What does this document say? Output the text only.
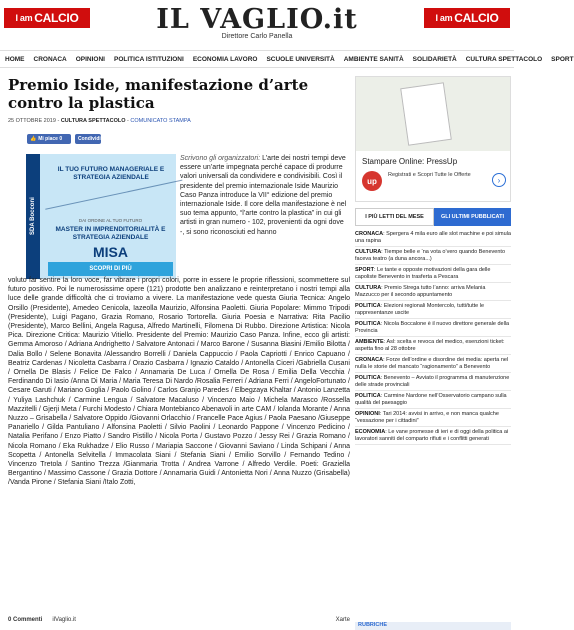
I am CALCIO	IL VAGLIO.it
Direttore Carlo Panella
I am CALCIO
HOME CRONACA OPINIONI POLITICA ISTITUZIONI ECONOMIA LAVORO SCUOLE UNIVERSITÀ AMBIENTE SANITÀ SOLIDARIETÀ CULTURA SPETTACOLO SPORT
Premio Iside, manifestazione d’arte contro la plastica
25 OTTOBRE 2019 - CULTURA SPETTACOLO - COMUNICATO STAMPA
👍 Mi piace 0	Condividi
SDA Bocconi
IL TUO FUTURO MANAGERIALE E STRATEGIA AZIENDALE
DAI ORDINE AL TUO FUTURO
MASTER IN IMPRENDITORIALITÀ E STRATEGIA AZIENDALE
MISA
SCOPRI DI PIÙ
Scrivono gli organizzatori: L’arte dei nostri tempi deve essere un’arte impegnata perché capace di produrre valori universali da condividere e condivisibili. Così il presidente del premio internazionale Iside Maurizio Caso Panza introduce la VII° edizione del premio internazionale Iside. Il core della manifestazione è nel suo tema appunto, “l’arte contro la plastica” in cui gli artisti in gran numero - 102, provenienti da ogni dove -, si sono riconosciuti ed hanno
voluto far sentire la loro voce, far vibrare i propri colori, porre in essere le proprie riflessioni, scommettere sul futuro positivo. Poi le numerosissime opere (121) prodotte ben analizzano e reinterpretano i nostri tempi alla luce delle grande difficoltà che ci troviamo a vivere. La manifestazione vede questa Giuria Tecnica: Angelo Orsillo (Presidente), Amedeo Cenicola, Iazeolla Maurizio, Alfonsina Paoletti. Giuria Popolare: Mimmo Tripodi (Presidente), Luigi Pagano, Grazia Romano, Rosario Tortorella. Giuria Poesia e Narrativa: Rita Pacilio (Presidente), Marco Bellini, Angela Ragusa, Alfredo Martinelli, Filomena Di Rubbo. Direzione Artistica: Nicola Pica. Direzione Critica: Maurizio Vitiello. Presidente del Premio: Maurizio Caso Panza. Infine, ecco gli artisti: Gemma Amoroso / Adriana Andrighetto / Salvatore Antonaci / Marco Barone / Susanna Biasini /Emilio Bilotta / Dalia Bollo / Selene Bonavita /Alessandro Borrelli / Daniela Cappuccio / Paola Capriotti / Enrico Capuano / Beatriz Cardenas / Nicoletta Casbarra / Orazio Casbarra / Ignazio Cataldo / Antonella Ciceri /Gabriella Cusani / Ornella De Blasis / Felice De Falco / Annamaria De Luca / Ornella De Rosa / Emilia Della Vecchia / Ferdinando Di Iasio /Anna Di Maria / Maria Teresa Di Nardo /Rosalia Ferreri / Adriana Ferri / AngeloFortunato / Cesare Garuti / Mariano Goglia / Paolo Golino / Carlos Granjo Paredes / Elbegzaya Khaltar / Antonio Lanzetta / Yuliya Lashchuk / Carmine Lengua / Salvatore Macaluso / Vincenzo Maio / Michela Marasco /Rossella Mazzitelli / Gjerji Meta / Furchi Modesto / Chiara Montebianco Abenavoli in arte CAM / Iolanda Morante / Anna Nuzzo – Grisabella / Salvatore Oppido /Giovanni Orlacchio / Francelle Pace Agius / Paola Paesano /Giuseppe Panariello / Gilda Pantuliano / Alfonsina Paoletti / Silvio Paolini / Leonardo Pappone / Vincenzo Pedicino / Natalia Perifano / Enzo Piatto / Sandro Pistillo / Nicola Porta / Gustavo Pozzo / Jessy Rei / Grazia Romano / Nicola Romano / Eka Rukhadze / Elio Russo / Mariapia Saccone / Giovanni Saviano / Linda Schipani / Anna Scopetta / Antonella Selvitella / Immacolata Siani / Stefania Siani / Emilio Sorvillo / Fernando Tedino / Vincenzo Tretola / Santino Trezza /Gianmaria Trotta / Andrea Varrone / Alfredo Verdile. Poeti: Graziella Bergantino / Massimo Cassone / Grazia Dottore / Annamaria Guidi / Antonietta Nori / Anna Nuzzo (Grisabella) /Vanda Pirone / Stefania Siani /Italo Zotti,
0 Commenti ilVaglio.it	Xarte
Stampare Online: PressUp
up
Registrati e Scopri Tutte le Offerte
›
I PIÙ LETTI DEL MESE	GLI ULTIMI PUBBLICATI
CRONACA: Spergera 4 mila euro alle slot machine e poi simula una rapina
CULTURA: Tiempe belle e ‘na vota o’vero quando Benevento faceva teatro (a duna ancora...)
SPORT: Le tante e opposte motivazioni della gara delle capoliste Benevento in trasferta a Pescara
CULTURA: Premio Strega tutto l’anno: arriva Melania Mazzucco per il secondo appuntamento
POLITICA: Elezioni regionali Montercolo, tutti/tutte le rappresentanze uscite
POLITICA: Nicola Boccalone è il nuovo direttore generale della Provincia
AMBIENTE: Asl: scelta e revoca del medico, esenzioni ticket: aspetta fino al 28 ottobre
CRONACA: Forze dell’ordine e disordine dei media: aperta nel nulla le storie del mancato “ragionamento” a Benevento
POLITICA: Benevento – Avviato il programma di manutenzione delle strade provinciali
POLITICA: Carmine Nardone nell’Osservatorio campano sulla qualità del paesaggio
OPINIONI: Tari 2014: avvisi in arrivo, e non manca qualche “vessazione per i cittadini”
ECONOMIA: Le vane promesse di ieri e di oggi della politica ai lavoratori sanniti del comparto rifiuti e i conflitti generati
RUBRICHE
